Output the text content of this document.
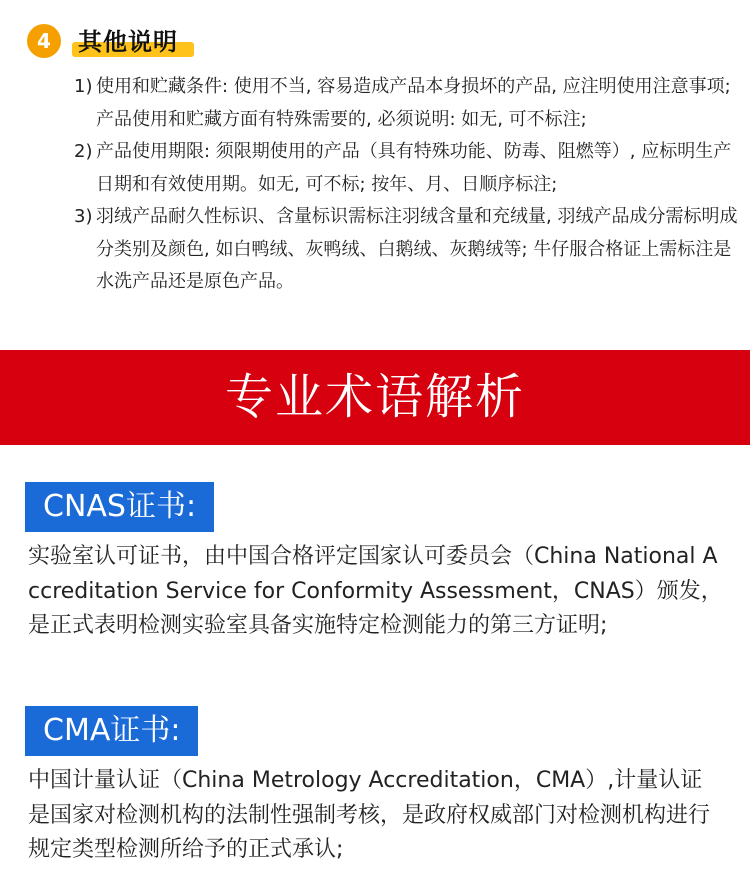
4	其他说明
1) 使用和贮藏条件: 使用不当, 容易造成产品本身损坏的产品, 应注明使用注意事项; 产品使用和贮藏方面有特殊需要的, 必须说明: 如无, 可不标注;
2) 产品使用期限: 须限期使用的产品（具有特殊功能、防毒、阻燃等）, 应标明生产日期和有效使用期。如无, 可不标; 按年、月、日顺序标注;
3) 羽绒产品耐久性标识、含量标识需标注羽绒含量和充绒量, 羽绒产品成分需标明成分类别及颜色, 如白鸭绒、灰鸭绒、白鹅绒、灰鹅绒等; 牛仔服合格证上需标注是水洗产品还是原色产品。
专业术语解析
CNAS证书:
实验室认可证书，由中国合格评定国家认可委员会（China National Accreditation Service for Conformity Assessment，CNAS）颁发，是正式表明检测实验室具备实施特定检测能力的第三方证明;
CMA证书:
中国计量认证（China Metrology Accreditation，CMA）,计量认证是国家对检测机构的法制性强制考核，是政府权威部门对检测机构进行规定类型检测所给予的正式承认;
